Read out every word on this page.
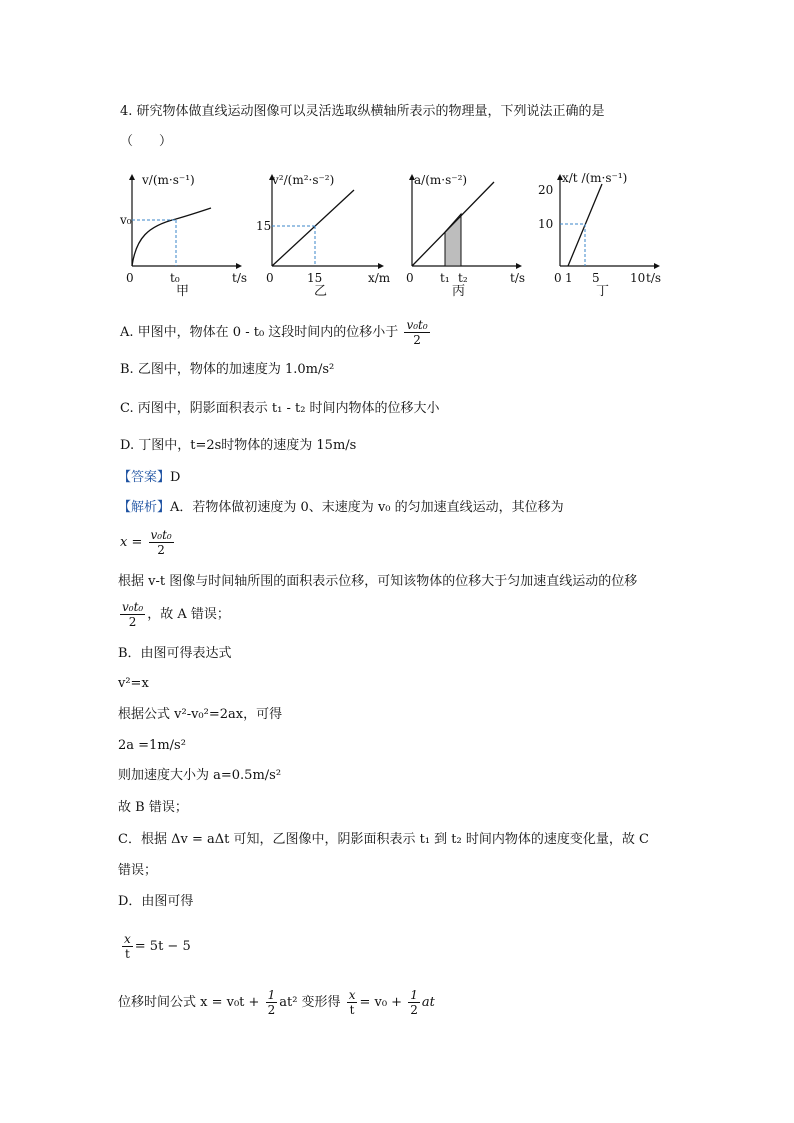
4. 研究物体做直线运动图像可以灵活选取纵横轴所表示的物理量，下列说法正确的是
（　　）
v/(m·s⁻¹)
v₀
0	t₀	t/s
甲
v²/(m²·s⁻²)
15
0	15	x/m
乙
a/(m·s⁻²)
0 t₁ t₂	t/s
丙
x/t /(m·s⁻¹)
20
10
0 1 5	10 t/s
丁
A. 甲图中，物体在 0 - t₀ 这段时间内的位移小于 $\frac{\text{v₀t₀}}{2}$
B. 乙图中，物体的加速度为 1.0m/s²
C. 丙图中，阴影面积表示 t₁ - t₂ 时间内物体的位移大小
D. 丁图中，t=2s时物体的速度为 15m/s
【答案】D
【解析】A．若物体做初速度为 0、末速度为 v₀ 的匀加速直线运动，其位移为
$x = \frac{\text{v₀t₀}}{2}$
根据 v-t 图像与时间轴所围的面积表示位移，可知该物体的位移大于匀加速直线运动的位移
$\frac{\text{v₀t₀}}{2}$ ，故 A 错误；
B．由图可得表达式
v²=x
根据公式 v²-v₀²=2ax，可得
2a =1m/s²
则加速度大小为 a=0.5m/s²
故 B 错误；
C．根据 Δv = aΔt 可知，乙图像中，阴影面积表示 t₁ 到 t₂ 时间内物体的速度变化量，故 C
错误；
D．由图可得
$\frac{x}{t} = 5t - 5$
位移时间公式 $x = v_0t + \frac{1}{2} at^2$ 变形得 $\frac{x}{t} = v_0 + \frac{1}{2}$ at
